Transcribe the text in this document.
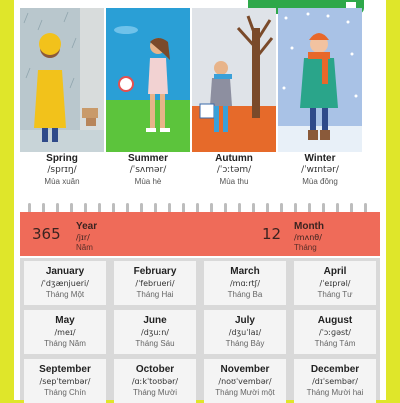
Spring
/sprɪŋ/
Mùa xuân
Summer
/ˈsʌmər/
Mùa hè
Autumn
/ˈɔːtəm/
Mùa thu
Winter
/ˈwɪntər/
Mùa đông
365 Year
/jɪr/
Năm
12 Month
/mʌnθ/
Tháng
January
/ˈdʒænjueri/
Tháng Một
February
/ˈfebrueri/
Tháng Hai
March
/mɑːrtʃ/
Tháng Ba
April
/ˈeɪprəl/
Tháng Tư
May
/meɪ/
Tháng Năm
June
/dʒuːn/
Tháng Sáu
July
/dʒuˈlaɪ/
Tháng Bảy
August
/ˈɔːɡəst/
Tháng Tám
September
/sepˈtembər/
Tháng Chín
October
/ɑːkˈtoʊbər/
Tháng Mười
November
/noʊˈvembər/
Tháng Mười một
December
/dɪˈsembər/
Tháng Mười hai
